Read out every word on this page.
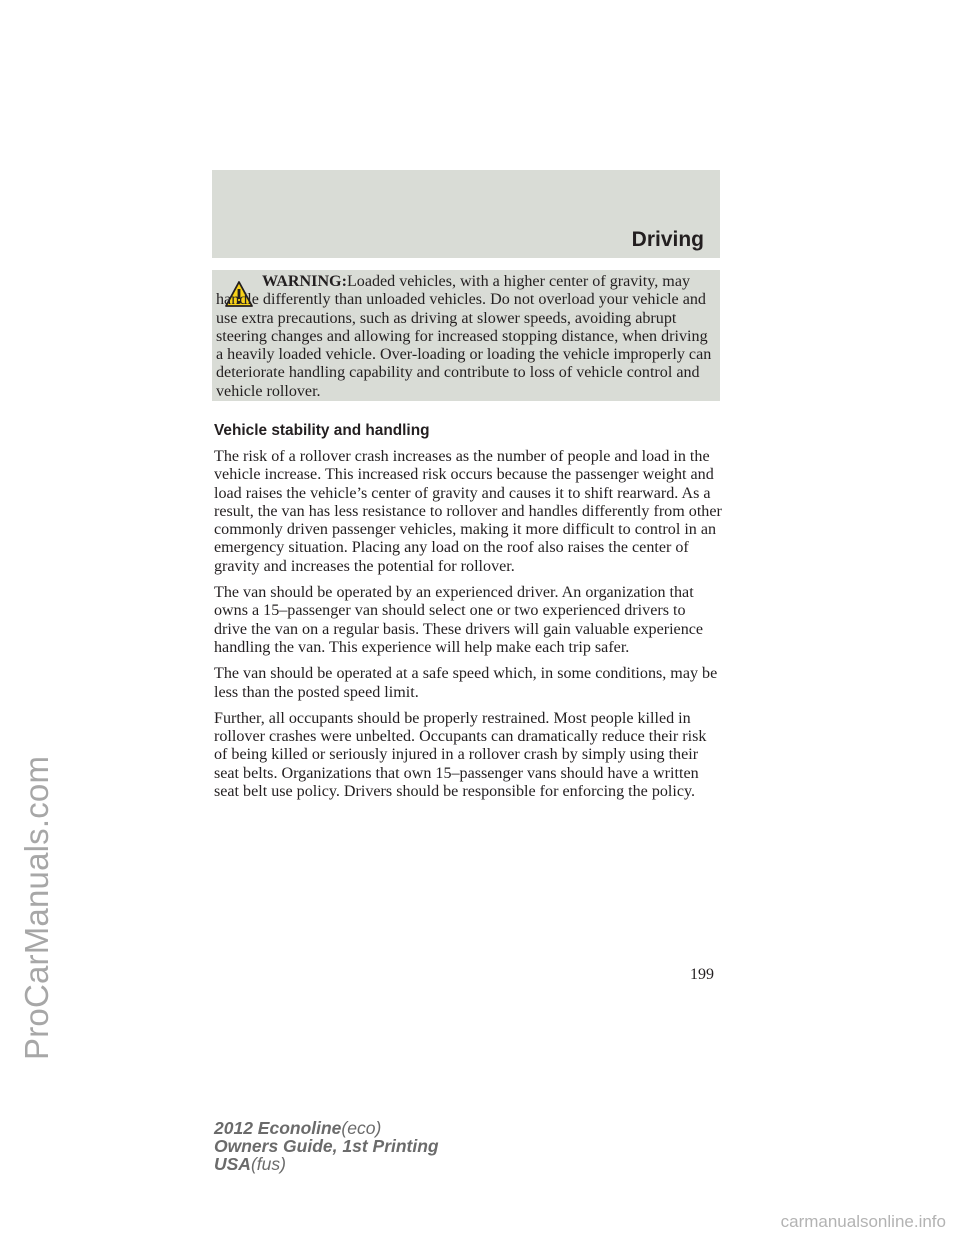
ProCarManuals.com
Driving

WARNING:Loaded vehicles, with a higher center of gravity, may handle differently than unloaded vehicles. Do not overload your vehicle and use extra precautions, such as driving at slower speeds, avoiding abrupt steering changes and allowing for increased stopping distance, when driving a heavily loaded vehicle. Over-loading or loading the vehicle improperly can deteriorate handling capability and contribute to loss of vehicle control and vehicle rollover.

Vehicle stability and handling

The risk of a rollover crash increases as the number of people and load in the vehicle increase. This increased risk occurs because the passenger weight and load raises the vehicle’s center of gravity and causes it to shift rearward. As a result, the van has less resistance to rollover and handles differently from other commonly driven passenger vehicles, making it more difficult to control in an emergency situation. Placing any load on the roof also raises the center of gravity and increases the potential for rollover.

The van should be operated by an experienced driver. An organization that owns a 15–passenger van should select one or two experienced drivers to drive the van on a regular basis. These drivers will gain valuable experience handling the van. This experience will help make each trip safer.

The van should be operated at a safe speed which, in some conditions, may be less than the posted speed limit.

Further, all occupants should be properly restrained. Most people killed in rollover crashes were unbelted. Occupants can dramatically reduce their risk of being killed or seriously injured in a rollover crash by simply using their seat belts. Organizations that own 15–passenger vans should have a written seat belt use policy. Drivers should be responsible for enforcing the policy.

199
2012 Econoline(eco)
Owners Guide, 1st Printing
USA(fus)
carmanualsonline.info
